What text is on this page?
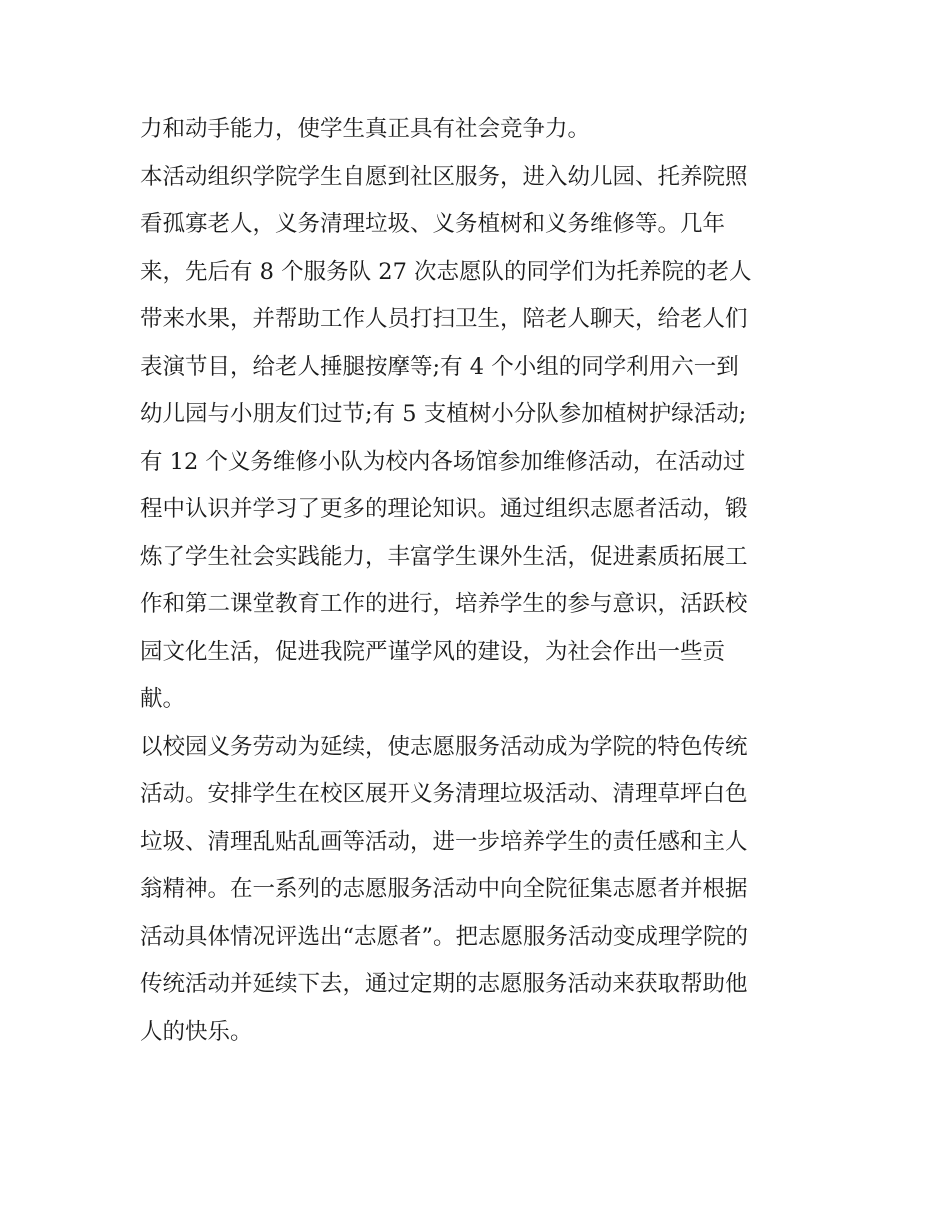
力和动手能力，使学生真正具有社会竞争力。
本活动组织学院学生自愿到社区服务，进入幼儿园、托养院照
看孤寡老人，义务清理垃圾、义务植树和义务维修等。几年
来，先后有 8 个服务队 27 次志愿队的同学们为托养院的老人
带来水果，并帮助工作人员打扫卫生，陪老人聊天，给老人们
表演节目，给老人捶腿按摩等;有 4 个小组的同学利用六一到
幼儿园与小朋友们过节;有 5 支植树小分队参加植树护绿活动;
有 12 个义务维修小队为校内各场馆参加维修活动，在活动过
程中认识并学习了更多的理论知识。通过组织志愿者活动，锻
炼了学生社会实践能力，丰富学生课外生活，促进素质拓展工
作和第二课堂教育工作的进行，培养学生的参与意识，活跃校
园文化生活，促进我院严谨学风的建设，为社会作出一些贡
献。
以校园义务劳动为延续，使志愿服务活动成为学院的特色传统
活动。安排学生在校区展开义务清理垃圾活动、清理草坪白色
垃圾、清理乱贴乱画等活动，进一步培养学生的责任感和主人
翁精神。在一系列的志愿服务活动中向全院征集志愿者并根据
活动具体情况评选出“志愿者”。把志愿服务活动变成理学院的
传统活动并延续下去，通过定期的志愿服务活动来获取帮助他
人的快乐。
